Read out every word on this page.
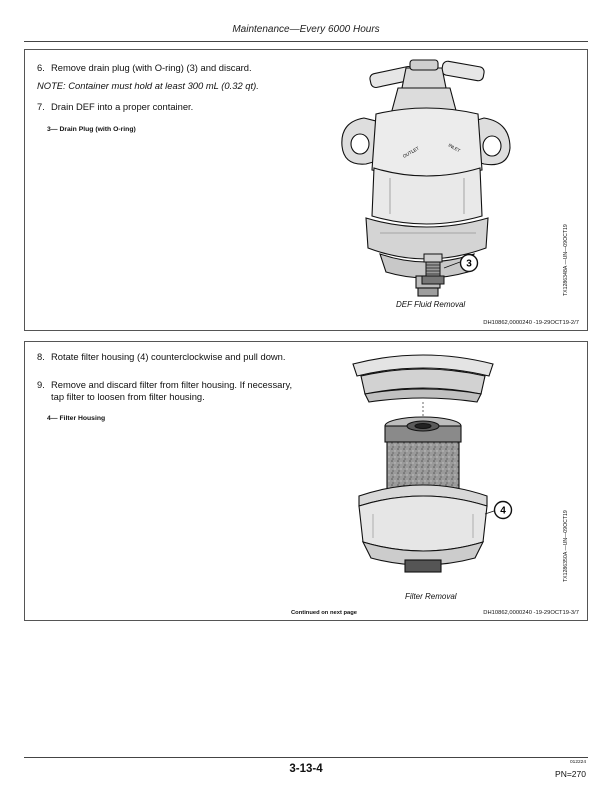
Maintenance—Every 6000 Hours
6. Remove drain plug (with O-ring) (3) and discard.
NOTE: Container must hold at least 300 mL (0.32 qt).
7. Drain DEF into a proper container.
3— Drain Plug (with O-ring)
OUTLET	INLET
3
DEF Fluid Removal
TX1286348A —UN—09OCT19
DH10862,0000240 -19-29OCT19-2/7
8. Rotate filter housing (4) counterclockwise and pull down.
9. Remove and discard filter from filter housing. If necessary, tap filter to loosen from filter housing.
4— Filter Housing
4
Filter Removal
TX1286350A —UN—09OCT19
Continued on next page	DH10862,0000240 -19-29OCT19-3/7
3-13-4
012224
PN=270
